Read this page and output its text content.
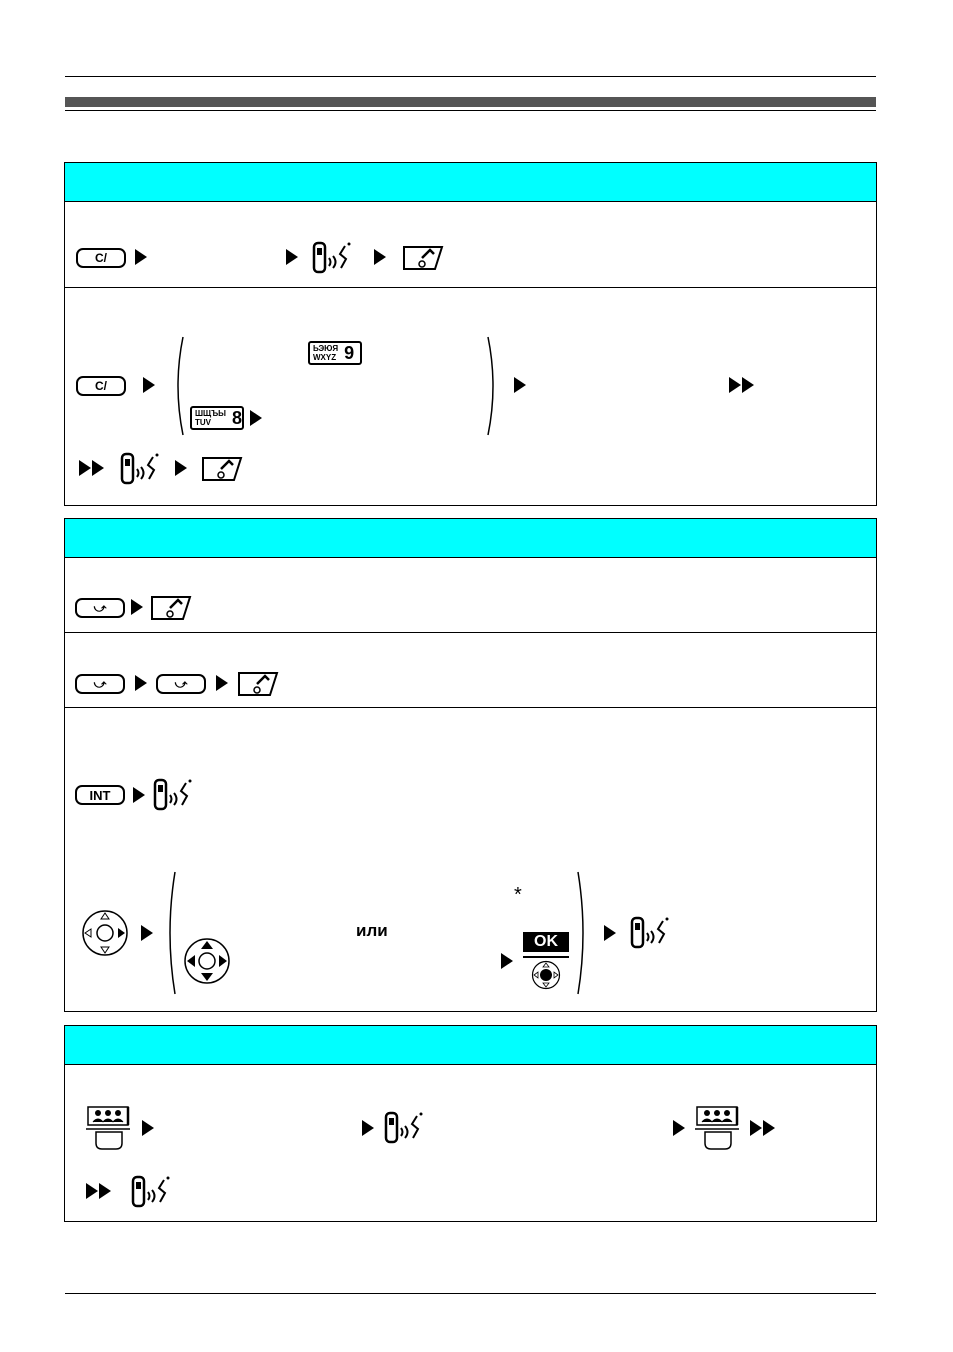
C/
C/
ЬЭЮЯ
WXYZ 9
ШЩЪЫ
TUV	8
⤻
⤻	⤻
INT
или
*
OK
